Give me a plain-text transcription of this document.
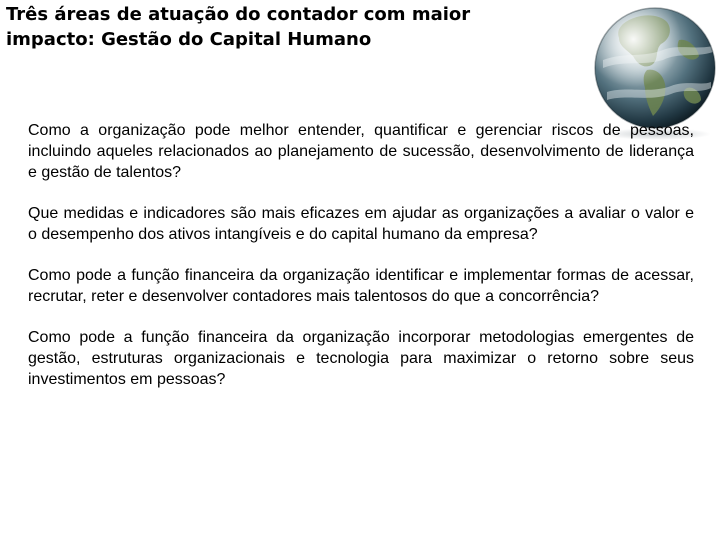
Três áreas de atuação do contador com maior
impacto: Gestão do Capital Humano

Como a organização pode melhor entender, quantificar e gerenciar riscos de pessoas, incluindo aqueles relacionados ao planejamento de sucessão, desenvolvimento de liderança e gestão de talentos?

Que medidas e indicadores são mais eficazes em ajudar as organizações a avaliar o valor e o desempenho dos ativos intangíveis e do capital humano da empresa?

Como pode a função financeira da organização identificar e implementar formas de acessar, recrutar, reter e desenvolver contadores mais talentosos do que a concorrência?

Como pode a função financeira da organização incorporar metodologias emergentes de gestão, estruturas organizacionais e tecnologia para maximizar o retorno sobre seus investimentos em pessoas?
